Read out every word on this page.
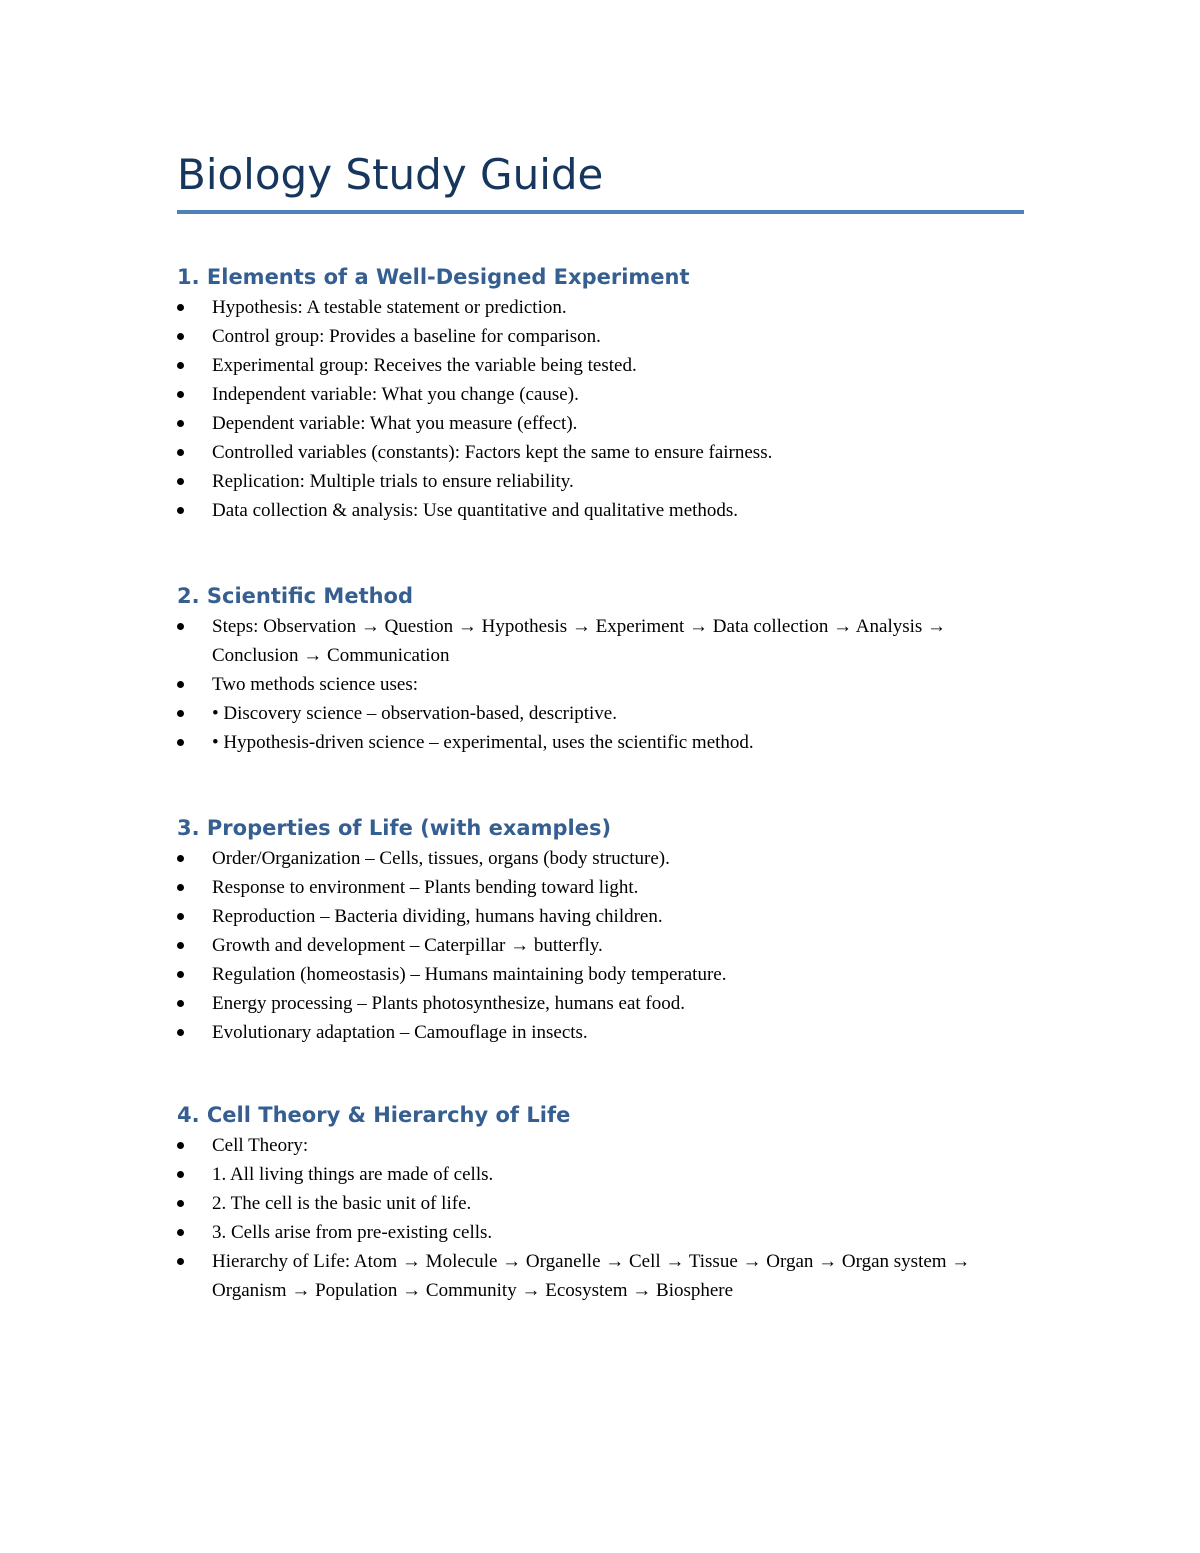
Biology Study Guide
1. Elements of a Well-Designed Experiment
Hypothesis: A testable statement or prediction.
Control group: Provides a baseline for comparison.
Experimental group: Receives the variable being tested.
Independent variable: What you change (cause).
Dependent variable: What you measure (effect).
Controlled variables (constants): Factors kept the same to ensure fairness.
Replication: Multiple trials to ensure reliability.
Data collection & analysis: Use quantitative and qualitative methods.
2. Scientific Method
Steps: Observation → Question → Hypothesis → Experiment → Data collection → Analysis → Conclusion → Communication
Two methods science uses:
• Discovery science – observation-based, descriptive.
• Hypothesis-driven science – experimental, uses the scientific method.
3. Properties of Life (with examples)
Order/Organization – Cells, tissues, organs (body structure).
Response to environment – Plants bending toward light.
Reproduction – Bacteria dividing, humans having children.
Growth and development – Caterpillar → butterfly.
Regulation (homeostasis) – Humans maintaining body temperature.
Energy processing – Plants photosynthesize, humans eat food.
Evolutionary adaptation – Camouflage in insects.
4. Cell Theory & Hierarchy of Life
Cell Theory:
1. All living things are made of cells.
2. The cell is the basic unit of life.
3. Cells arise from pre-existing cells.
Hierarchy of Life: Atom → Molecule → Organelle → Cell → Tissue → Organ → Organ system → Organism → Population → Community → Ecosystem → Biosphere
